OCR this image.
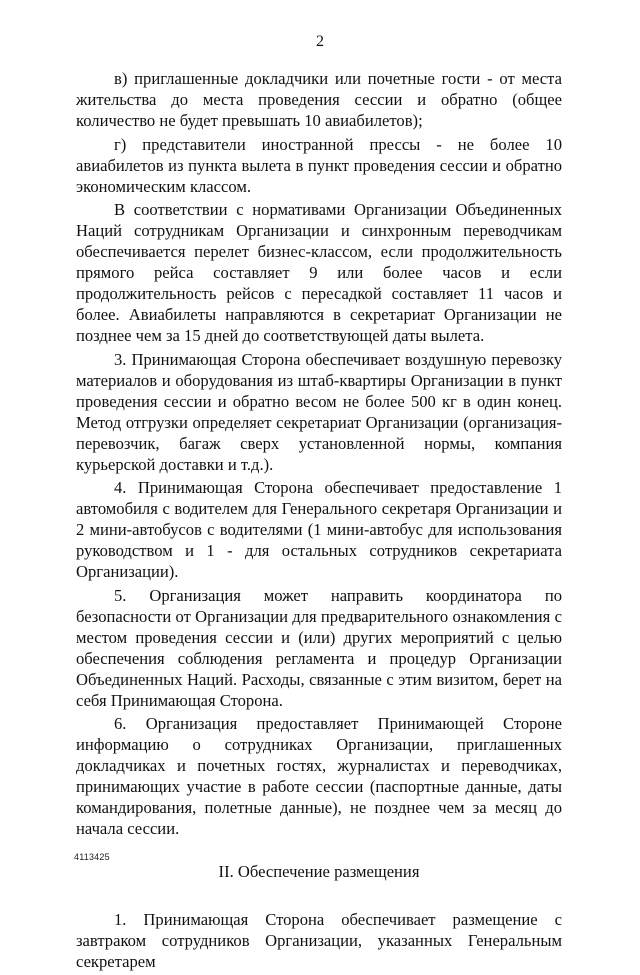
2

в) приглашенные докладчики или почетные гости - от места жительства до места проведения сессии и обратно (общее количество не будет превышать 10 авиабилетов);

г) представители иностранной прессы - не более 10 авиабилетов из пункта вылета в пункт проведения сессии и обратно экономическим классом.

В соответствии с нормативами Организации Объединенных Наций сотрудникам Организации и синхронным переводчикам обеспечивается перелет бизнес-классом, если продолжительность прямого рейса составляет 9 или более часов и если продолжительность рейсов с пересадкой составляет 11 часов и более. Авиабилеты направляются в секретариат Организации не позднее чем за 15 дней до соответствующей даты вылета.

3. Принимающая Сторона обеспечивает воздушную перевозку материалов и оборудования из штаб-квартиры Организации в пункт проведения сессии и обратно весом не более 500 кг в один конец. Метод отгрузки определяет секретариат Организации (организация-перевозчик, багаж сверх установленной нормы, компания курьерской доставки и т.д.).

4. Принимающая Сторона обеспечивает предоставление 1 автомобиля с водителем для Генерального секретаря Организации и 2 мини-автобусов с водителями (1 мини-автобус для использования руководством и 1 - для остальных сотрудников секретариата Организации).

5. Организация может направить координатора по безопасности от Организации для предварительного ознакомления с местом проведения сессии и (или) других мероприятий с целью обеспечения соблюдения регламента и процедур Организации Объединенных Наций. Расходы, связанные с этим визитом, берет на себя Принимающая Сторона.

6. Организация предоставляет Принимающей Стороне информацию о сотрудниках Организации, приглашенных докладчиках и почетных гостях, журналистах и переводчиках, принимающих участие в работе сессии (паспортные данные, даты командирования, полетные данные), не позднее чем за месяц до начала сессии.

II. Обеспечение размещения

1. Принимающая Сторона обеспечивает размещение с завтраком сотрудников Организации, указанных Генеральным секретарем

4113425
